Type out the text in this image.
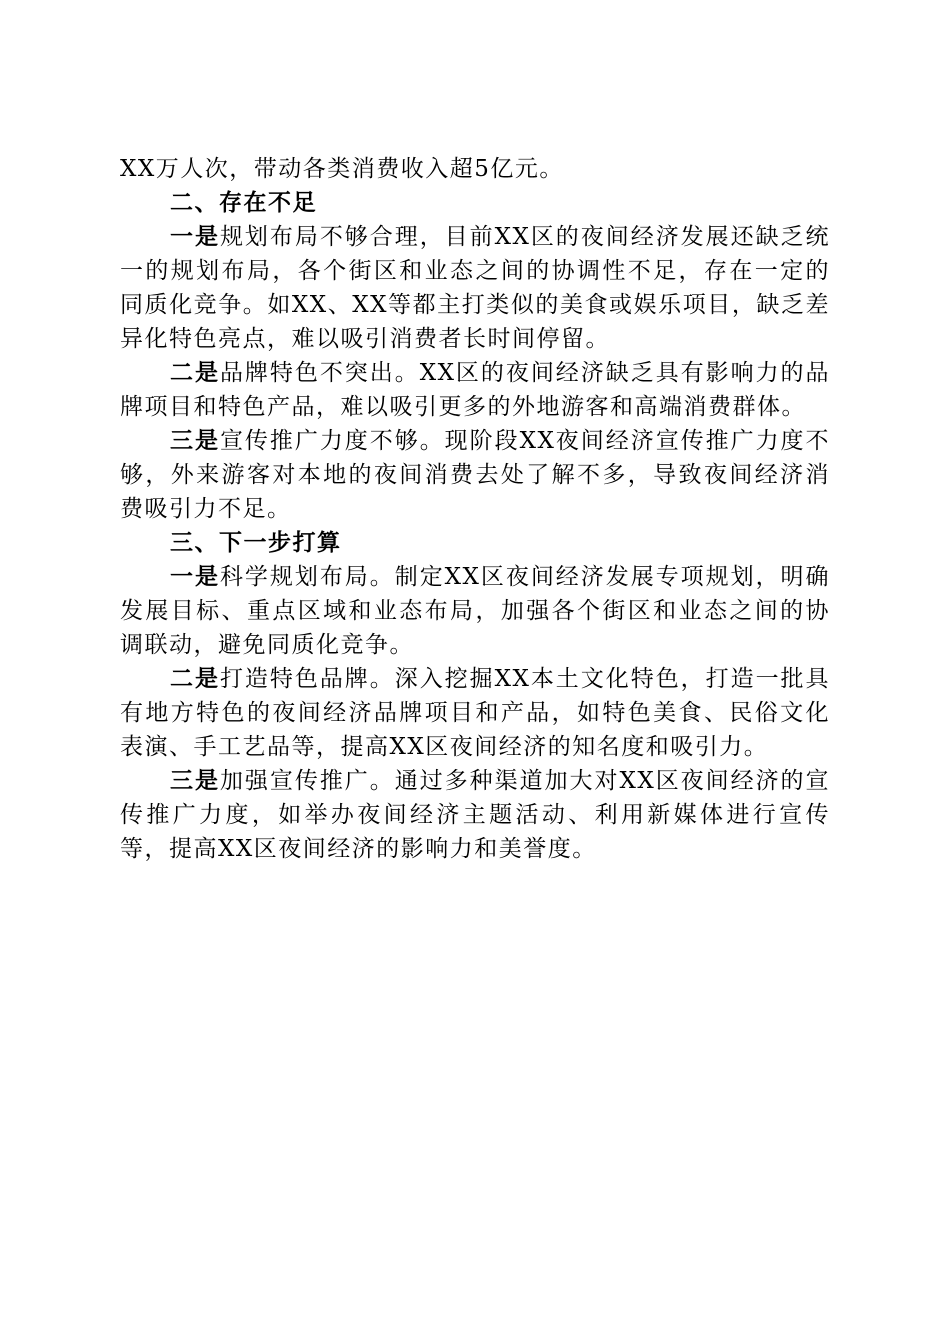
XX万人次，带动各类消费收入超5亿元。

二、存在不足

一是规划布局不够合理，目前XX区的夜间经济发展还缺乏统一的规划布局，各个街区和业态之间的协调性不足，存在一定的同质化竞争。如XX、XX等都主打类似的美食或娱乐项目，缺乏差异化特色亮点，难以吸引消费者长时间停留。

二是品牌特色不突出。XX区的夜间经济缺乏具有影响力的品牌项目和特色产品，难以吸引更多的外地游客和高端消费群体。

三是宣传推广力度不够。现阶段XX夜间经济宣传推广力度不够，外来游客对本地的夜间消费去处了解不多，导致夜间经济消费吸引力不足。

三、下一步打算

一是科学规划布局。制定XX区夜间经济发展专项规划，明确发展目标、重点区域和业态布局，加强各个街区和业态之间的协调联动，避免同质化竞争。

二是打造特色品牌。深入挖掘XX本土文化特色，打造一批具有地方特色的夜间经济品牌项目和产品，如特色美食、民俗文化表演、手工艺品等，提高XX区夜间经济的知名度和吸引力。

三是加强宣传推广。通过多种渠道加大对XX区夜间经济的宣传推广力度，如举办夜间经济主题活动、利用新媒体进行宣传等，提高XX区夜间经济的影响力和美誉度。
